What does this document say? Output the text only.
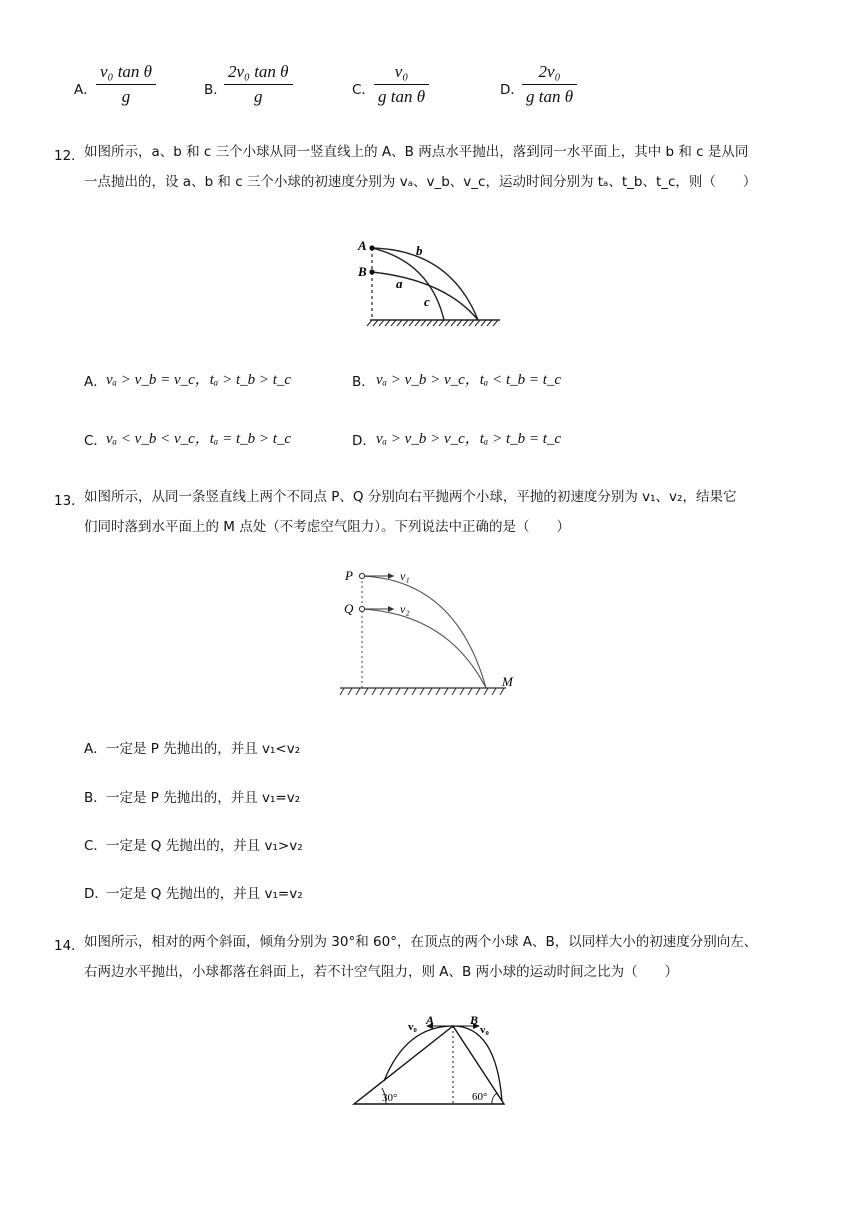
A． $\frac{\text{v₀ tan θ}}{g}$	B．
$\frac{\text{2v₀ tan θ}}{g}$	C． $\frac{\text{v₀}}{\text{g tan θ}}$	D．
$\frac{\text{2v₀}}{\text{g tan θ}}$
12． 如图所示，a、b 和 c 三个小球从同一竖直线上的 A、B 两点水平抛出，落到同一水平面上，其中 b 和 c 是从同
一点抛出的，设 a、b 和 c 三个小球的初速度分别为 vₐ、v_b、v_c，运动时间分别为 tₐ、t_b、t_c，则（　　）
A
B
b
a
c
A． vₐ > v_b = v_c，tₐ > t_b > t_c	B． vₐ > v_b > v_c，tₐ < t_b = t_c
C． vₐ < v_b < v_c，tₐ = t_b > t_c	D． vₐ > v_b > v_c，tₐ > t_b = t_c
13． 如图所示，从同一条竖直线上两个不同点 P、Q 分别向右平抛两个小球，平抛的初速度分别为 v₁、v₂，结果它
们同时落到水平面上的 M 点处（不考虑空气阻力）。下列说法中正确的是（　　）
P
Q
v₁
v₂
M
A． 一定是 P 先抛出的，并且 v₁<v₂
B． 一定是 P 先抛出的，并且 v₁=v₂
C． 一定是 Q 先抛出的，并且 v₁>v₂
D．
一定是 Q 先抛出的，并且 v₁=v₂
14． 如图所示，相对的两个斜面，倾角分别为 30°和 60°，在顶点的两个小球 A、B，以同样大小的初速度分别向左、
右两边水平抛出，小球都落在斜面上，若不计空气阻力，则 A、B 两小球的运动时间之比为（　　）
A	B
v₀	v₀
30°	60°
